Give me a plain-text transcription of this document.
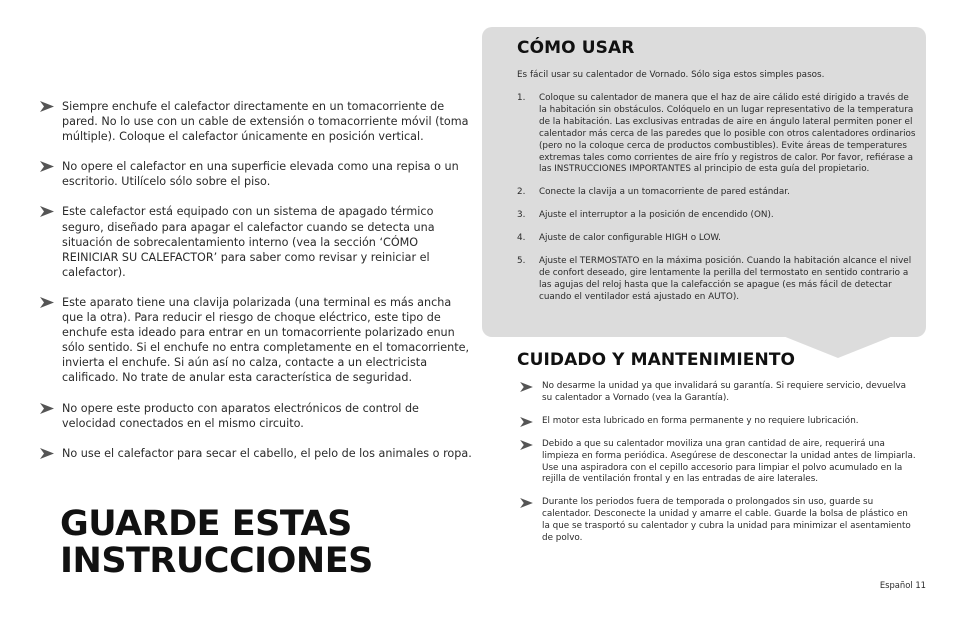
Siempre enchufe el calefactor directamente en un tomacorriente de pared. No lo use con un cable de extensión o tomacorriente móvil (toma múltiple). Coloque el calefactor únicamente en posición vertical.
No opere el calefactor en una superficie elevada como una repisa o un escritorio. Utilícelo sólo sobre el piso.
Este calefactor está equipado con un sistema de apagado térmico seguro, diseñado para apagar el calefactor cuando se detecta una situación de sobrecalentamiento interno (vea la sección ‘CÓMO REINICIAR SU CALEFACTOR’ para saber como revisar y reiniciar el calefactor).
Este aparato tiene una clavija polarizada (una terminal es más ancha que la otra). Para reducir el riesgo de choque eléctrico, este tipo de enchufe esta ideado para entrar en un tomacorriente polarizado enun sólo sentido. Si el enchufe no entra completamente en el tomacorriente, invierta el enchufe. Si aún así no calza, contacte a un electricista calificado. No trate de anular esta característica de seguridad.
No opere este producto con aparatos electrónicos de control de velocidad conectados en el mismo circuito.
No use el calefactor para secar el cabello, el pelo de los animales o ropa.
GUARDE ESTAS
INSTRUCCIONES
CÓMO USAR
Es fácil usar su calentador de Vornado. Sólo siga estos simples pasos.
1. Coloque su calentador de manera que el haz de aire cálido esté dirigido a través de la habitación sin obstáculos. Colóquelo en un lugar representativo de la temperatura de la habitación. Las exclusivas entradas de aire en ángulo lateral permiten poner el calentador más cerca de las paredes que lo posible con otros calentadores ordinarios (pero no la coloque cerca de productos combustibles). Evite áreas de temperatures extremas tales como corrientes de aire frío y registros de calor. Por favor, refiérase a las INSTRUCCIONES IMPORTANTES al principio de esta guía del propietario.
2. Conecte la clavija a un tomacorriente de pared estándar.
3. Ajuste el interruptor a la posición de encendido (ON).
4. Ajuste de calor configurable HIGH o LOW.
5. Ajuste el TERMOSTATO en la máxima posición. Cuando la habitación alcance el nivel de confort deseado, gire lentamente la perilla del termostato en sentido contrario a las agujas del reloj hasta que la calefacción se apague (es más fácil de detectar cuando el ventilador está ajustado en AUTO).
CUIDADO Y MANTENIMIENTO
No desarme la unidad ya que invalidará su garantía. Si requiere servicio, devuelva su calentador a Vornado (vea la Garantía).
El motor esta lubricado en forma permanente y no requiere lubricación.
Debido a que su calentador moviliza una gran cantidad de aire, requerirá una limpieza en forma periódica. Asegúrese de desconectar la unidad antes de limpiarla. Use una aspiradora con el cepillo accesorio para limpiar el polvo acumulado en la rejilla de ventilación frontal y en las entradas de aire laterales.
Durante los periodos fuera de temporada o prolongados sin uso, guarde su calentador. Desconecte la unidad y amarre el cable. Guarde la bolsa de plástico en la que se trasportó su calentador y cubra la unidad para minimizar el asentamiento de polvo.
Español 11
